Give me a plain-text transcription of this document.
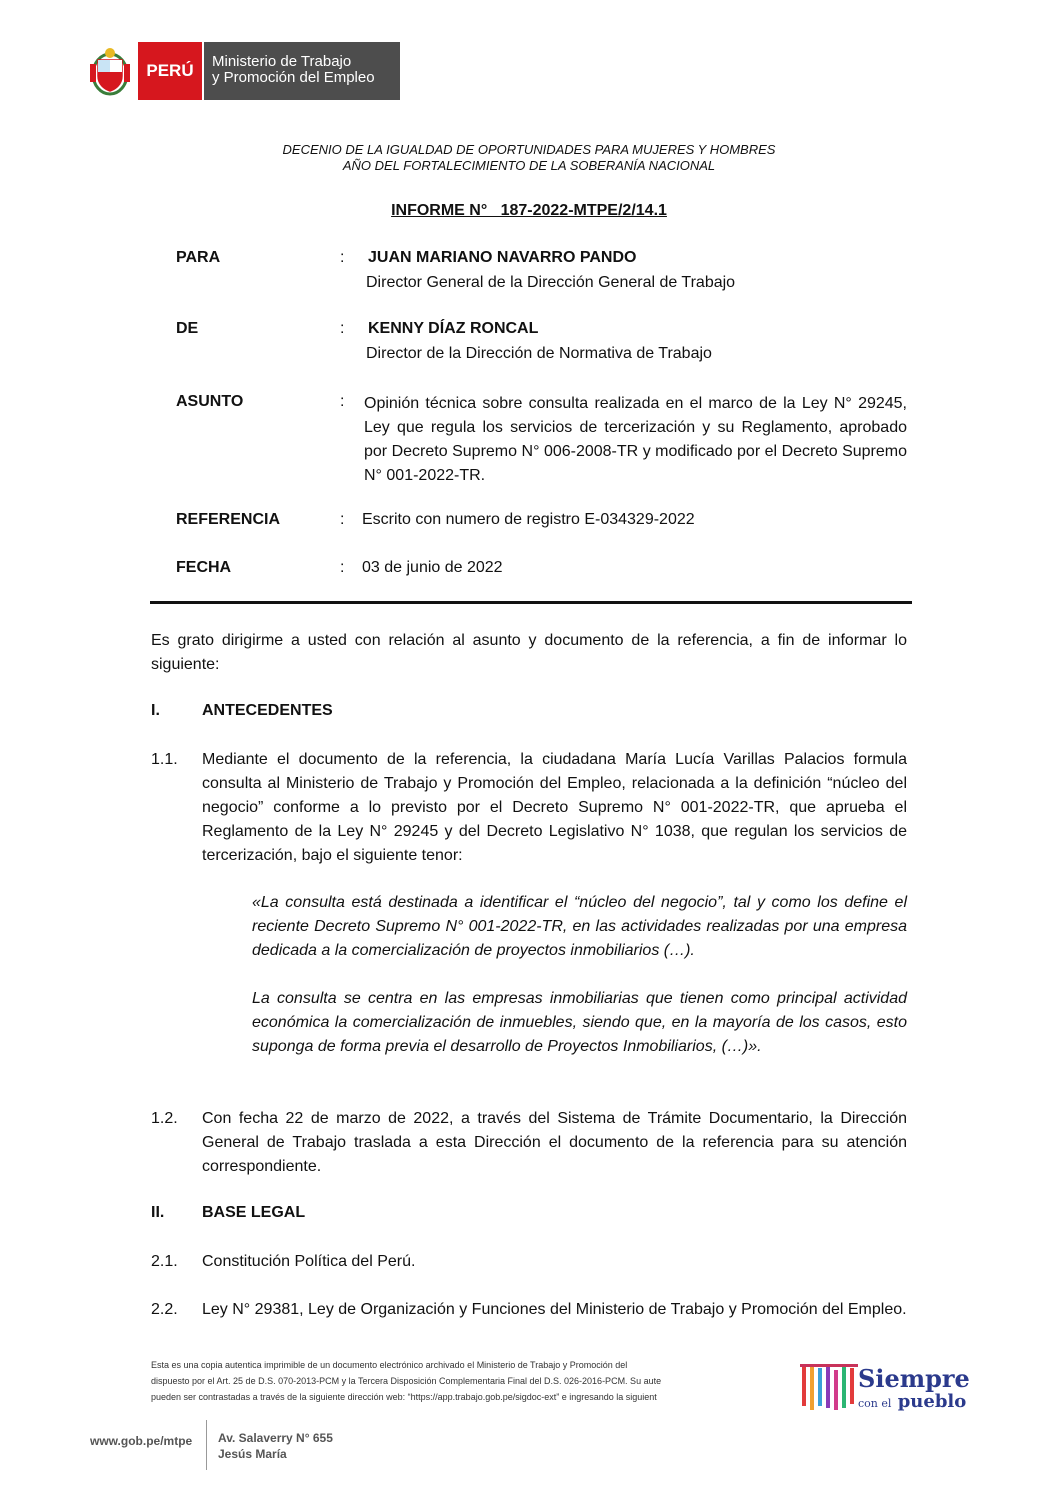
PERÚ	Ministerio de Trabajo
y Promoción del Empleo
DECENIO DE LA IGUALDAD DE OPORTUNIDADES PARA MUJERES Y HOMBRES
AÑO DEL FORTALECIMIENTO DE LA SOBERANÍA NACIONAL
INFORME N°   187-2022-MTPE/2/14.1
PARA	: JUAN MARIANO NAVARRO PANDO
Director General de la Dirección General de Trabajo
DE	: KENNY DÍAZ RONCAL
Director de la Dirección de Normativa de Trabajo
ASUNTO	: Opinión técnica sobre consulta realizada en el marco de la Ley N° 29245, Ley que regula los servicios de tercerización y su Reglamento, aprobado por Decreto Supremo N° 006-2008-TR y modificado por el Decreto Supremo N° 001-2022-TR.
REFERENCIA	: Escrito con numero de registro E-034329-2022
FECHA	: 03 de junio de 2022
Es grato dirigirme a usted con relación al asunto y documento de la referencia, a fin de informar lo siguiente:
I.	ANTECEDENTES
1.1. Mediante el documento de la referencia, la ciudadana María Lucía Varillas Palacios formula consulta al Ministerio de Trabajo y Promoción del Empleo, relacionada a la definición “núcleo del negocio” conforme a lo previsto por el Decreto Supremo N° 001-2022-TR, que aprueba el Reglamento de la Ley N° 29245 y del Decreto Legislativo N° 1038, que regulan los servicios de tercerización, bajo el siguiente tenor:
«La consulta está destinada a identificar el “núcleo del negocio”, tal y como los define el reciente Decreto Supremo N° 001-2022-TR, en las actividades realizadas por una empresa dedicada a la comercialización de proyectos inmobiliarios (…).
La consulta se centra en las empresas inmobiliarias que tienen como principal actividad económica la comercialización de inmuebles, siendo que, en la mayoría de los casos, esto suponga de forma previa el desarrollo de Proyectos Inmobiliarios, (…)».
1.2. Con fecha 22 de marzo de 2022, a través del Sistema de Trámite Documentario, la Dirección General de Trabajo traslada a esta Dirección el documento de la referencia para su atención correspondiente.
II. BASE LEGAL
2.1. Constitución Política del Perú.
2.2. Ley N° 29381, Ley de Organización y Funciones del Ministerio de Trabajo y Promoción del Empleo.
Esta es una copia autentica imprimible de un documento electrónico archivado el Ministerio de Trabajo y Promoción del
dispuesto por el Art. 25 de D.S. 070-2013-PCM y la Tercera Disposición Complementaria Final del D.S. 026-2016-PCM. Su aute
pueden ser contrastadas a través de la siguiente dirección web: “https://app.trabajo.gob.pe/sigdoc-ext” e ingresando la siguient
Siempre
con el pueblo
www.gob.pe/mtpe Av. Salaverry N° 655
Jesús María
